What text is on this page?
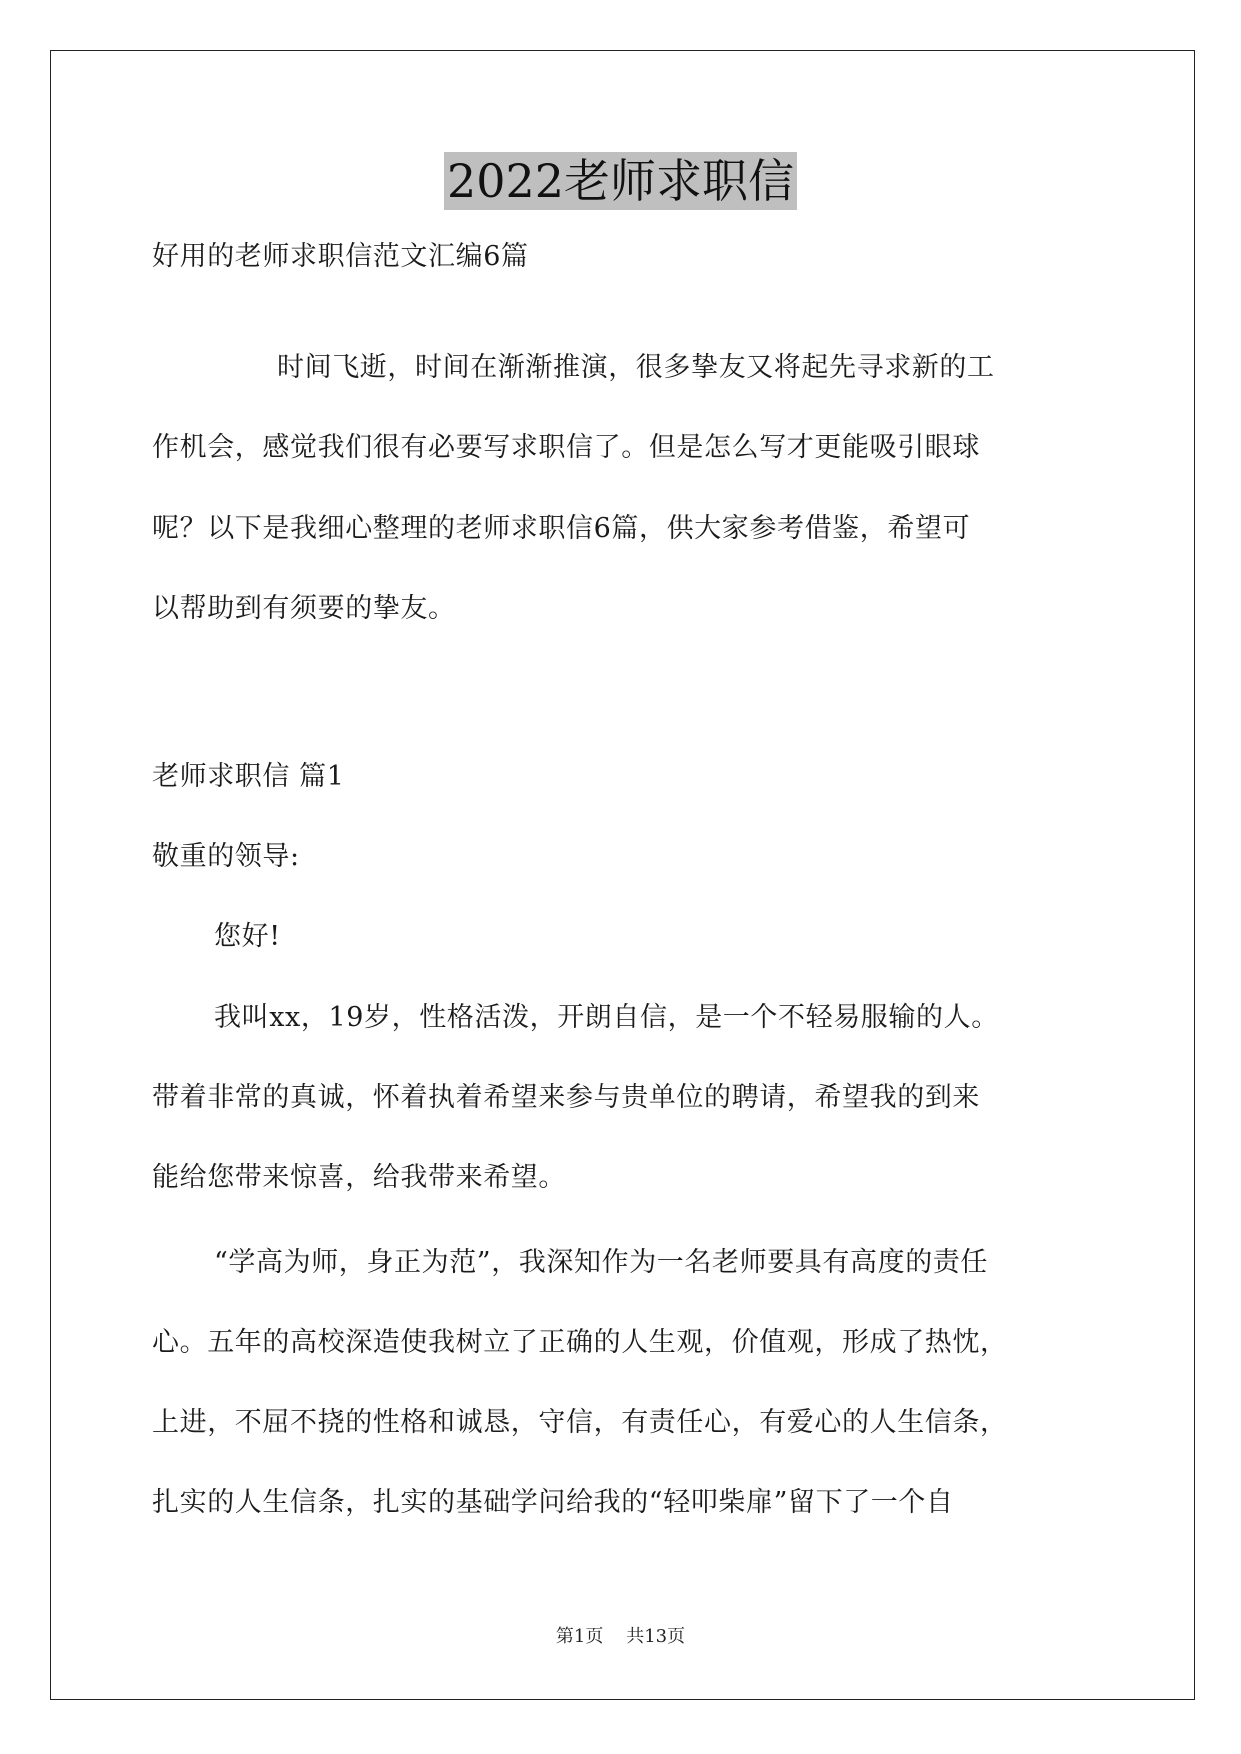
2022老师求职信
好用的老师求职信范文汇编6篇
时间飞逝，时间在渐渐推演，很多挚友又将起先寻求新的工
作机会，感觉我们很有必要写求职信了。但是怎么写才更能吸引眼球
呢？以下是我细心整理的老师求职信6篇，供大家参考借鉴，希望可
以帮助到有须要的挚友。
老师求职信 篇1
敬重的领导:
您好!
我叫xx，19岁，性格活泼，开朗自信，是一个不轻易服输的人。
带着非常的真诚，怀着执着希望来参与贵单位的聘请，希望我的到来
能给您带来惊喜，给我带来希望。
“学高为师，身正为范”，我深知作为一名老师要具有高度的责任
心。五年的高校深造使我树立了正确的人生观，价值观，形成了热忱，
上进，不屈不挠的性格和诚恳，守信，有责任心，有爱心的人生信条，
扎实的人生信条，扎实的基础学问给我的“轻叩柴扉”留下了一个自
第1页 共13页
